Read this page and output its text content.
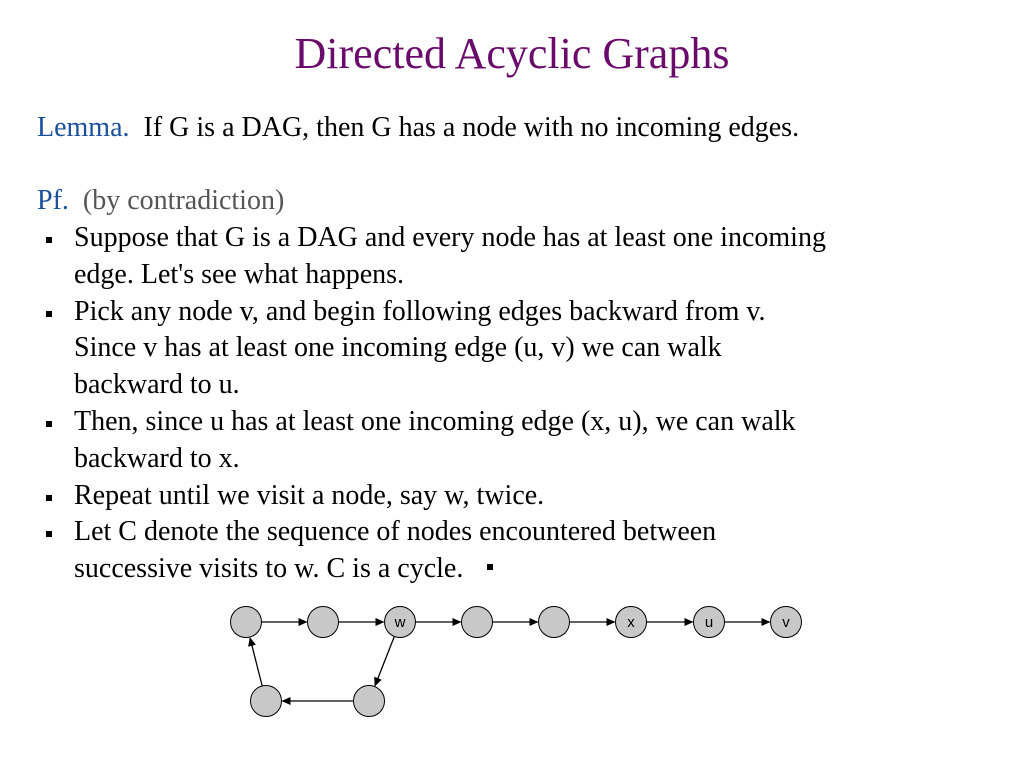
Directed Acyclic Graphs
Lemma. If G is a DAG, then G has a node with no incoming edges.
Pf. (by contradiction)
Suppose that G is a DAG and every node has at least one incoming
edge. Let's see what happens.
Pick any node v, and begin following edges backward from v.
Since v has at least one incoming edge (u, v) we can walk
backward to u.
Then, since u has at least one incoming edge (x, u), we can walk
backward to x.
Repeat until we visit a node, say w, twice.
Let C denote the sequence of nodes encountered between
successive visits to w. C is a cycle.
w	x	u	v
